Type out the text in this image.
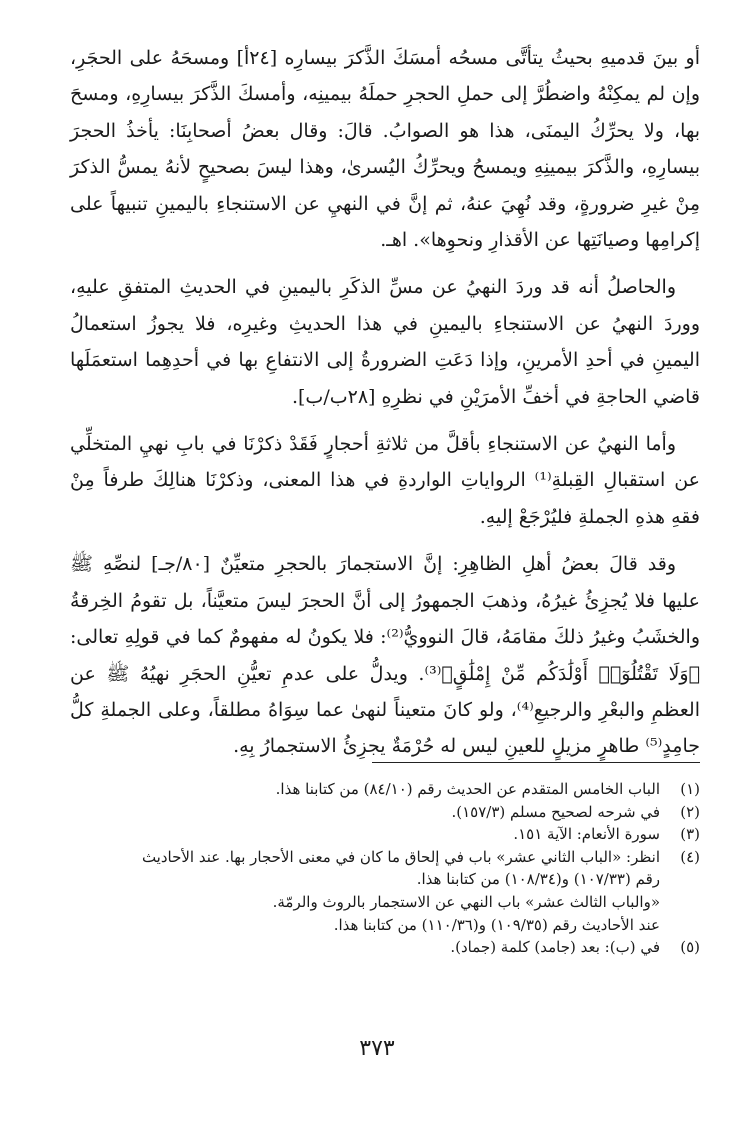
أو بينَ قدميهِ بحيثُ يتأتَّى مسحُه أمسَكَ الذَّكرَ بيسارِه [٢٤أ] ومسحَهُ على الحجَرِ، وإن لم يمكِنْهُ واضطُرَّ إلى حملِ الحجرِ حملَهُ بيمينِه، وأمسكَ الذَّكرَ بيسارِهِ، ومسحَ بها، ولا يحرِّكُ اليمنَى، هذا هو الصوابُ. قالَ: وقال بعضُ أصحابِنَا: يأخذُ الحجرَ بيسارِهِ، والذَّكرَ بيمينِهِ ويمسحُ ويحرِّكُ اليُسرىٰ، وهذا ليسَ بصحيحٍ لأنهُ يمسُّ الذكرَ مِنْ غيرِ ضرورةٍ، وقد نُهِيَ عنهُ، ثم إنَّ في النهيِ عن الاستنجاءِ باليمينِ تنبيهاً على إكرامِها وصيانَتِها عن الأقذارِ ونحوِها». اهـ.

والحاصلُ أنه قد وردَ النهيُ عن مسِّ الذكَرِ باليمينِ في الحديثِ المتفقِ عليهِ، ووردَ النهيُ عن الاستنجاءِ باليمينِ في هذا الحديثِ وغيرِه، فلا يجوزُ استعمالُ اليمينِ في أحدِ الأمرينِ، وإذا دَعَتِ الضرورةُ إلى الانتفاعِ بها في أحدِهِما استعمَلَها قاضي الحاجةِ في أخفِّ الأمرَيْنِ في نظرِهِ [٢٨ب/ب].

وأما النهيُ عن الاستنجاءِ بأقلَّ من ثلاثةِ أحجارٍ فَقَدْ ذكرْنَا في بابِ نهيِ المتخلِّي عن استقبالِ القِبلةِ⁽¹⁾ الرواياتِ الواردةِ في هذا المعنى، وذكرْنَا هنالِكَ طرفاً مِنْ فقهِ هذهِ الجملةِ فليُرْجَعْ إليهِ.

وقد قالَ بعضُ أهلِ الظاهِرِ: إنَّ الاستجمارَ بالحجرِ متعيِّنٌ [٨٠/جـ] لنصِّهِ ﷺ عليها فلا يُجزِئُ غيرُهُ، وذهبَ الجمهورُ إلى أنَّ الحجرَ ليسَ متعيَّناً، بل تقومُ الخِرقةُ والخشَبُ وغيرُ ذلكَ مقامَهُ، قالَ النوويُّ⁽²⁾: فلا يكونُ له مفهومٌ كما في قولِهِ تعالى: ﴿وَلَا تَقْتُلُوٓا۟ أَوْلَٰدَكُم مِّنْ إِمْلَٰقٍ﴾⁽³⁾. ويدلُّ على عدمِ تعيُّنِ الحجَرِ نهيُهُ ﷺ عن العظمِ والبعْرِ والرجيعِ⁽⁴⁾، ولو كانَ متعيناً لنهىٰ عما سِوَاهُ مطلقاً، وعلى الجملةِ كلُّ جامِدٍ⁽⁵⁾ طاهرٍ مزيلٍ للعينِ ليس له حُرْمَةٌ يجزِئُ الاستجمارُ بِهِ.

(١)
الباب الخامس المتقدم عن الحديث رقم (٨٤/١٠) من كتابنا هذا.
(٢)
في شرحه لصحيح مسلم (١٥٧/٣).
(٣)
سورة الأنعام: الآية ١٥١.
(٤)
انظر: «الباب الثاني عشر» باب في إلحاق ما كان في معنى الأحجار بها. عند الأحاديث
رقم (١٠٧/٣٣) و(١٠٨/٣٤) من كتابنا هذا.
«والباب الثالث عشر» باب النهي عن الاستجمار بالروث والرمّة.
عند الأحاديث رقم (١٠٩/٣٥) و(١١٠/٣٦) من كتابنا هذا.
(٥)
في (ب): بعد (جامد) كلمة (جماد).
٣٧٣
